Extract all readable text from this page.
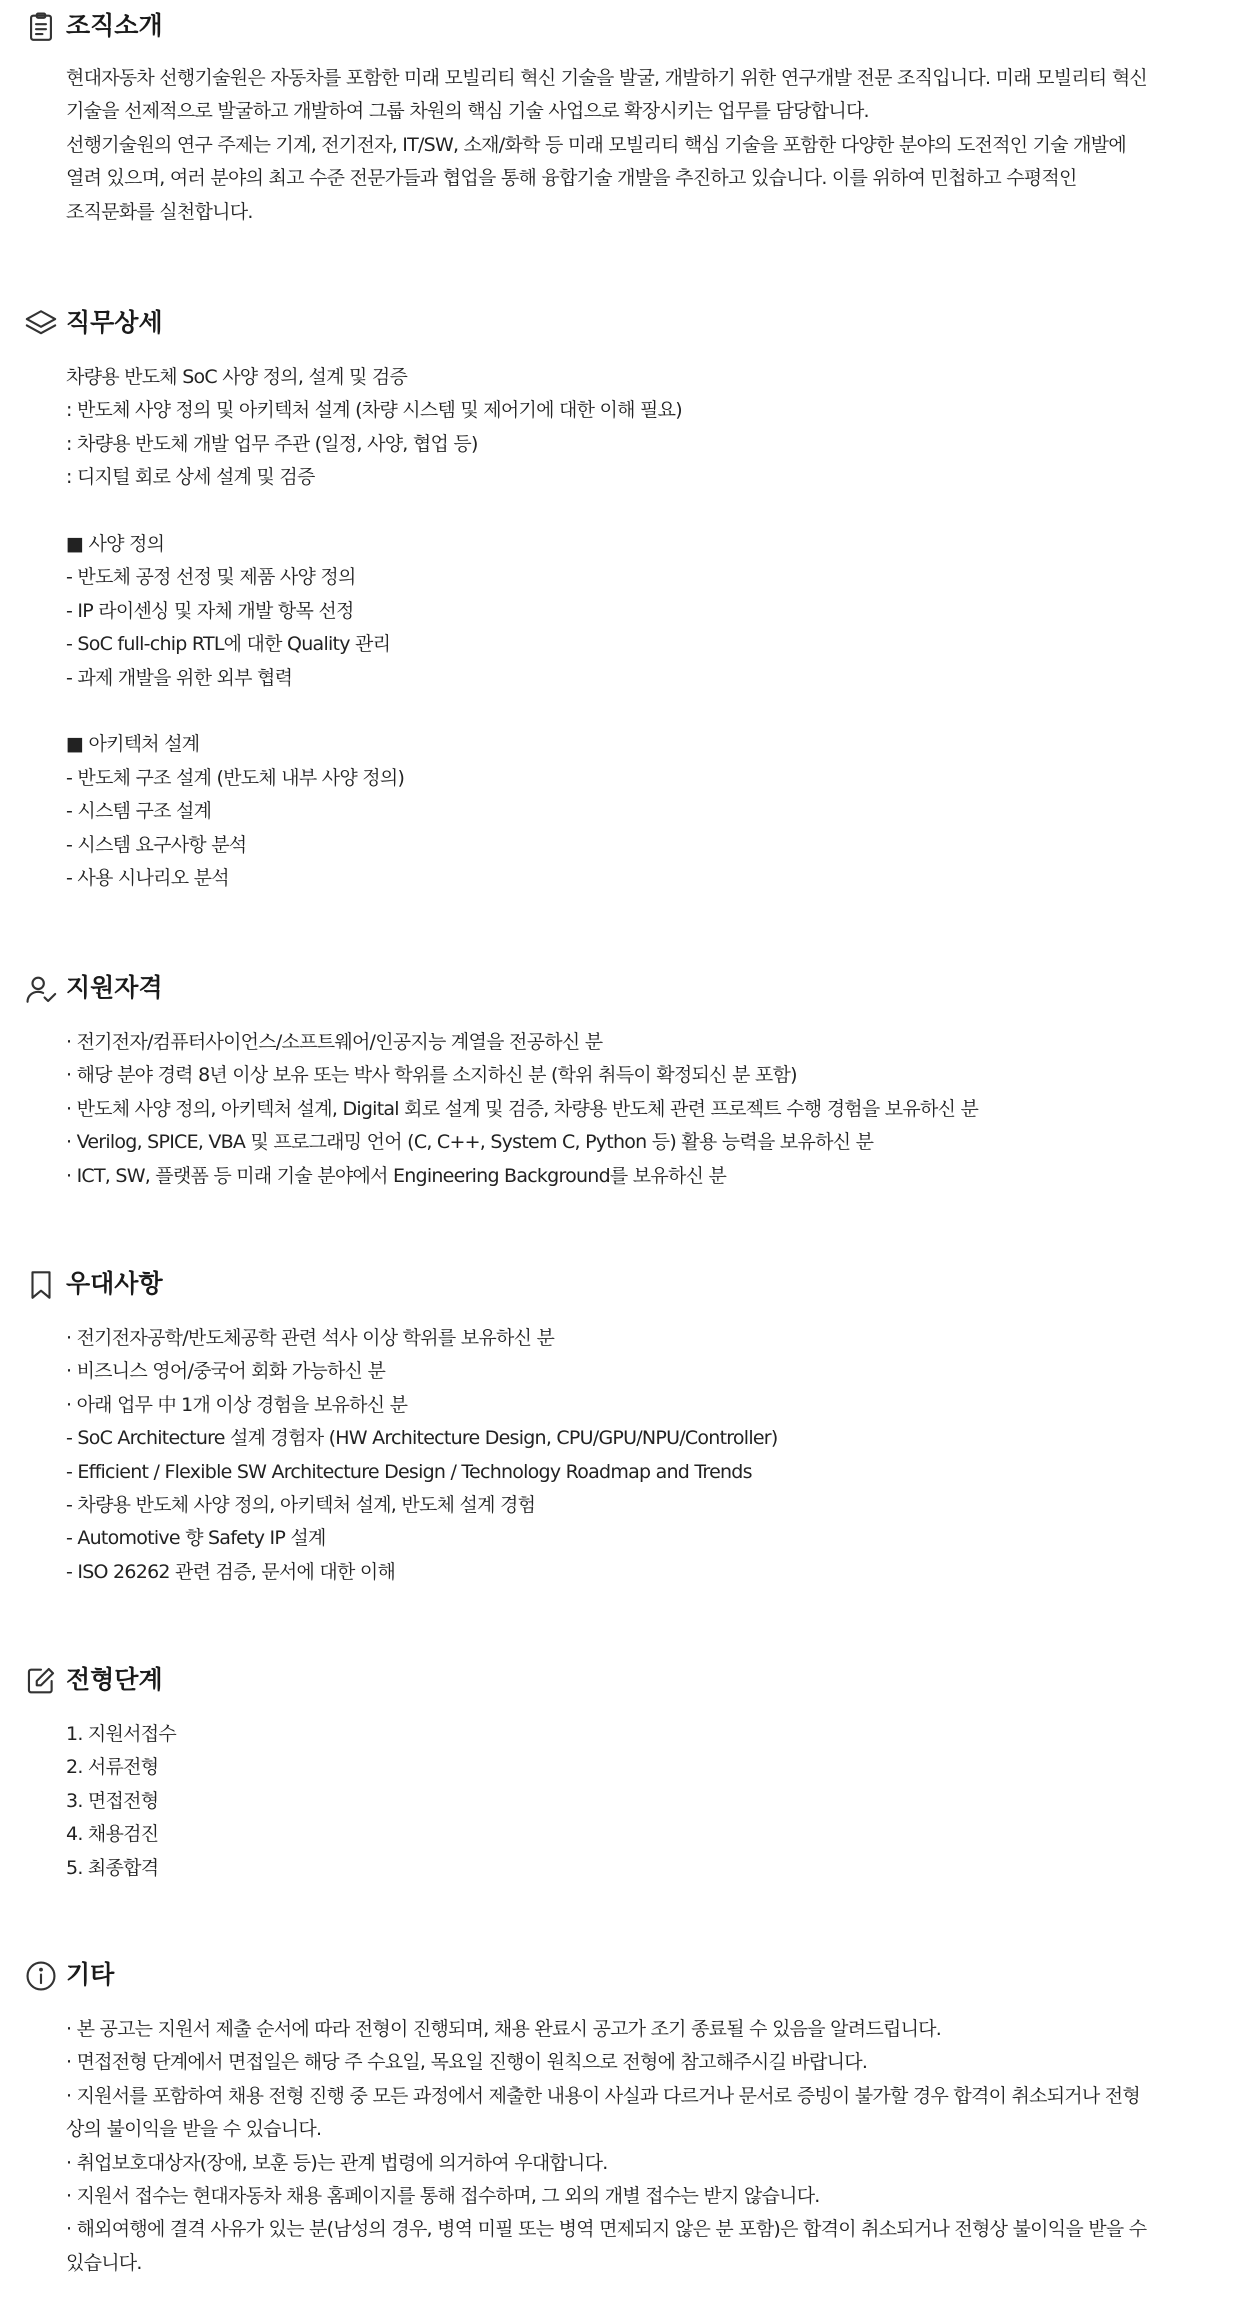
조직소개
현대자동차 선행기술원은 자동차를 포함한 미래 모빌리티 혁신 기술을 발굴, 개발하기 위한 연구개발 전문 조직입니다. 미래 모빌리티 혁신
기술을 선제적으로 발굴하고 개발하여 그룹 차원의 핵심 기술 사업으로 확장시키는 업무를 담당합니다.
선행기술원의 연구 주제는 기계, 전기전자, IT/SW, 소재/화학 등 미래 모빌리티 핵심 기술을 포함한 다양한 분야의 도전적인 기술 개발에
열려 있으며, 여러 분야의 최고 수준 전문가들과 협업을 통해 융합기술 개발을 추진하고 있습니다. 이를 위하여 민첩하고 수평적인
조직문화를 실천합니다.
직무상세
차량용 반도체 SoC 사양 정의, 설계 및 검증
: 반도체 사양 정의 및 아키텍처 설계 (차량 시스템 및 제어기에 대한 이해 필요)
: 차량용 반도체 개발 업무 주관 (일정, 사양, 협업 등)
: 디지털 회로 상세 설계 및 검증
■ 사양 정의
- 반도체 공정 선정 및 제품 사양 정의
- IP 라이센싱 및 자체 개발 항목 선정
- SoC full-chip RTL에 대한 Quality 관리
- 과제 개발을 위한 외부 협력
■ 아키텍처 설계
- 반도체 구조 설계 (반도체 내부 사양 정의)
- 시스템 구조 설계
- 시스템 요구사항 분석
- 사용 시나리오 분석
지원자격
· 전기전자/컴퓨터사이언스/소프트웨어/인공지능 계열을 전공하신 분
· 해당 분야 경력 8년 이상 보유 또는 박사 학위를 소지하신 분 (학위 취득이 확정되신 분 포함)
· 반도체 사양 정의, 아키텍처 설계, Digital 회로 설계 및 검증, 차량용 반도체 관련 프로젝트 수행 경험을 보유하신 분
· Verilog, SPICE, VBA 및 프로그래밍 언어 (C, C++, System C, Python 등) 활용 능력을 보유하신 분
· ICT, SW, 플랫폼 등 미래 기술 분야에서 Engineering Background를 보유하신 분
우대사항
· 전기전자공학/반도체공학 관련 석사 이상 학위를 보유하신 분
· 비즈니스 영어/중국어 회화 가능하신 분
· 아래 업무 中 1개 이상 경험을 보유하신 분
- SoC Architecture 설계 경험자 (HW Architecture Design, CPU/GPU/NPU/Controller)
- Efficient / Flexible SW Architecture Design / Technology Roadmap and Trends
- 차량용 반도체 사양 정의, 아키텍처 설계, 반도체 설계 경험
- Automotive 향 Safety IP 설계
- ISO 26262 관련 검증, 문서에 대한 이해
전형단계
1. 지원서접수
2. 서류전형
3. 면접전형
4. 채용검진
5. 최종합격
기타
· 본 공고는 지원서 제출 순서에 따라 전형이 진행되며, 채용 완료시 공고가 조기 종료될 수 있음을 알려드립니다.
· 면접전형 단계에서 면접일은 해당 주 수요일, 목요일 진행이 원칙으로 전형에 참고해주시길 바랍니다.
· 지원서를 포함하여 채용 전형 진행 중 모든 과정에서 제출한 내용이 사실과 다르거나 문서로 증빙이 불가할 경우 합격이 취소되거나 전형
상의 불이익을 받을 수 있습니다.
· 취업보호대상자(장애, 보훈 등)는 관계 법령에 의거하여 우대합니다.
· 지원서 접수는 현대자동차 채용 홈페이지를 통해 접수하며, 그 외의 개별 접수는 받지 않습니다.
· 해외여행에 결격 사유가 있는 분(남성의 경우, 병역 미필 또는 병역 면제되지 않은 분 포함)은 합격이 취소되거나 전형상 불이익을 받을 수
있습니다.
